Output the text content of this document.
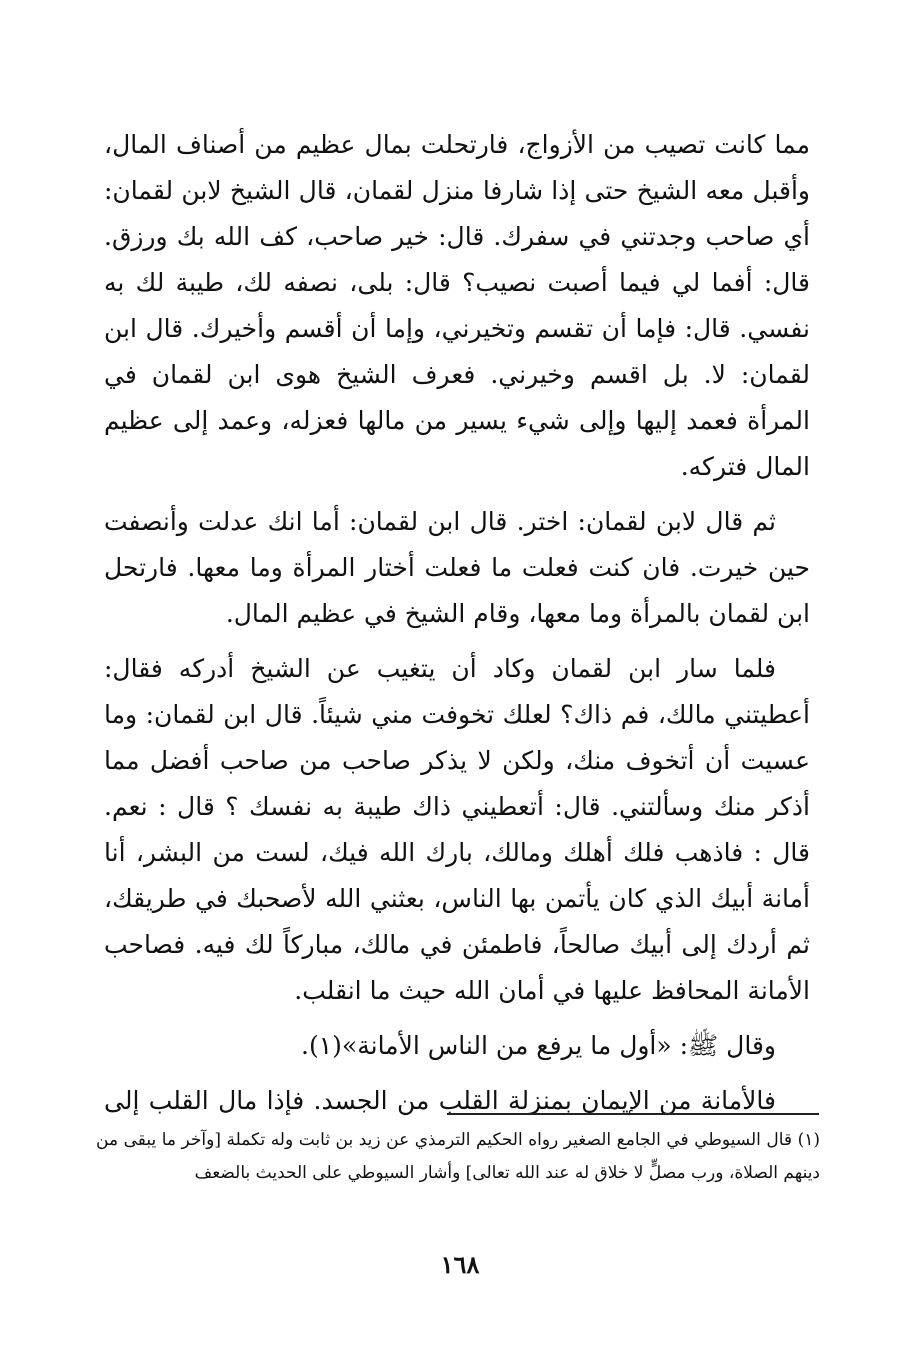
مما كانت تصيب من الأزواج، فارتحلت بمال عظيم من أصناف المال، وأقبل معه الشيخ حتى إذا شارفا منزل لقمان، قال الشيخ لابن لقمان: أي صاحب وجدتني في سفرك. قال: خير صاحب، كف الله بك ورزق. قال: أفما لي فيما أصبت نصيب؟ قال: بلى، نصفه لك، طيبة لك به نفسي. قال: فإما أن تقسم وتخيرني، وإما أن أقسم وأخيرك. قال ابن لقمان: لا. بل اقسم وخيرني. فعرف الشيخ هوى ابن لقمان في المرأة فعمد إليها وإلى شيء يسير من مالها فعزله، وعمد إلى عظيم المال فتركه.

ثم قال لابن لقمان: اختر. قال ابن لقمان: أما انك عدلت وأنصفت حين خيرت. فان كنت فعلت ما فعلت أختار المرأة وما معها. فارتحل ابن لقمان بالمرأة وما معها، وقام الشيخ في عظيم المال.

فلما سار ابن لقمان وكاد أن يتغيب عن الشيخ أدركه فقال: أعطيتني مالك، فم ذاك؟ لعلك تخوفت مني شيئاً. قال ابن لقمان: وما عسيت أن أتخوف منك، ولكن لا يذكر صاحب من صاحب أفضل مما أذكر منك وسألتني. قال: أتعطيني ذاك طيبة به نفسك ؟ قال : نعم. قال : فاذهب فلك أهلك ومالك، بارك الله فيك، لست من البشر، أنا أمانة أبيك الذي كان يأتمن بها الناس، بعثني الله لأصحبك في طريقك، ثم أردك إلى أبيك صالحاً، فاطمئن في مالك، مباركاً لك فيه. فصاحب الأمانة المحافظ عليها في أمان الله حيث ما انقلب.

وقال ﷺ: «أول ما يرفع من الناس الأمانة»(١).

فالأمانة من الإيمان بمنزلة القلب من الجسد. فإذا مال القلب إلى

(١) قال السيوطي في الجامع الصغير رواه الحكيم الترمذي عن زيد بن ثابت وله تكملة [وآخر ما يبقى من دينهم الصلاة، ورب مصلٍّ لا خلاق له عند الله تعالى] وأشار السيوطي على الحديث بالضعف

١٦٨
